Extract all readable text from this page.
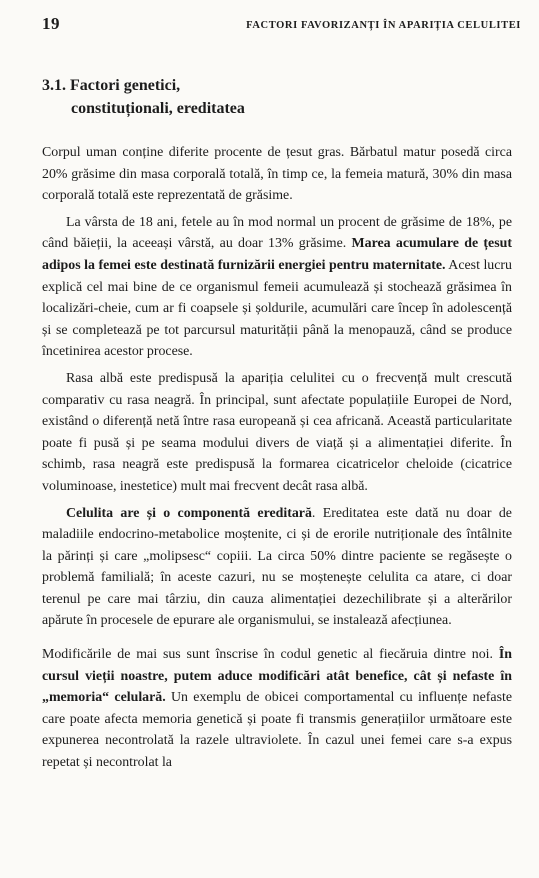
19	FACTORI FAVORIZANȚI ÎN APARIȚIA CELULITEI
3.1. Factori genetici,
constituționali, ereditatea

Corpul uman conține diferite procente de țesut gras. Bărbatul matur posedă circa 20% grăsime din masa corporală totală, în timp ce, la femeia matură, 30% din masa corporală totală este reprezentată de grăsime.

La vârsta de 18 ani, fetele au în mod normal un procent de grăsime de 18%, pe când băieții, la aceeași vârstă, au doar 13% grăsime. Marea acumulare de țesut adipos la femei este destinată furnizării energiei pentru maternitate. Acest lucru explică cel mai bine de ce organismul femeii acumulează și stochează grăsimea în localizări-cheie, cum ar fi coapsele și șoldurile, acumulări care încep în adolescență și se completează pe tot parcursul maturității până la menopauză, când se produce încetinirea acestor procese.

Rasa albă este predispusă la apariția celulitei cu o frecvență mult crescută comparativ cu rasa neagră. În principal, sunt afectate populațiile Europei de Nord, existând o diferență netă între rasa europeană și cea africană. Această particularitate poate fi pusă și pe seama modului divers de viață și a alimentației diferite. În schimb, rasa neagră este predispusă la formarea cicatricelor cheloide (cicatrice voluminoase, inestetice) mult mai frecvent decât rasa albă.

Celulita are și o componentă ereditară. Ereditatea este dată nu doar de maladiile endocrino-metabolice moștenite, ci și de erorile nutriționale des întâlnite la părinți și care „molipsesc“ copiii. La circa 50% dintre paciente se regăsește o problemă familială; în aceste cazuri, nu se moștenește celulita ca atare, ci doar terenul pe care mai târziu, din cauza alimentației dezechilibrate și a alterărilor apărute în procesele de epurare ale organismului, se instalează afecțiunea.

Modificările de mai sus sunt înscrise în codul genetic al fiecăruia dintre noi. În cursul vieții noastre, putem aduce modificări atât benefice, cât și nefaste în „memoria“ celulară. Un exemplu de obicei comportamental cu influențe nefaste care poate afecta memoria genetică și poate fi transmis generațiilor următoare este expunerea necontrolată la razele ultraviolete. În cazul unei femei care s-a expus repetat și necontrolat la
